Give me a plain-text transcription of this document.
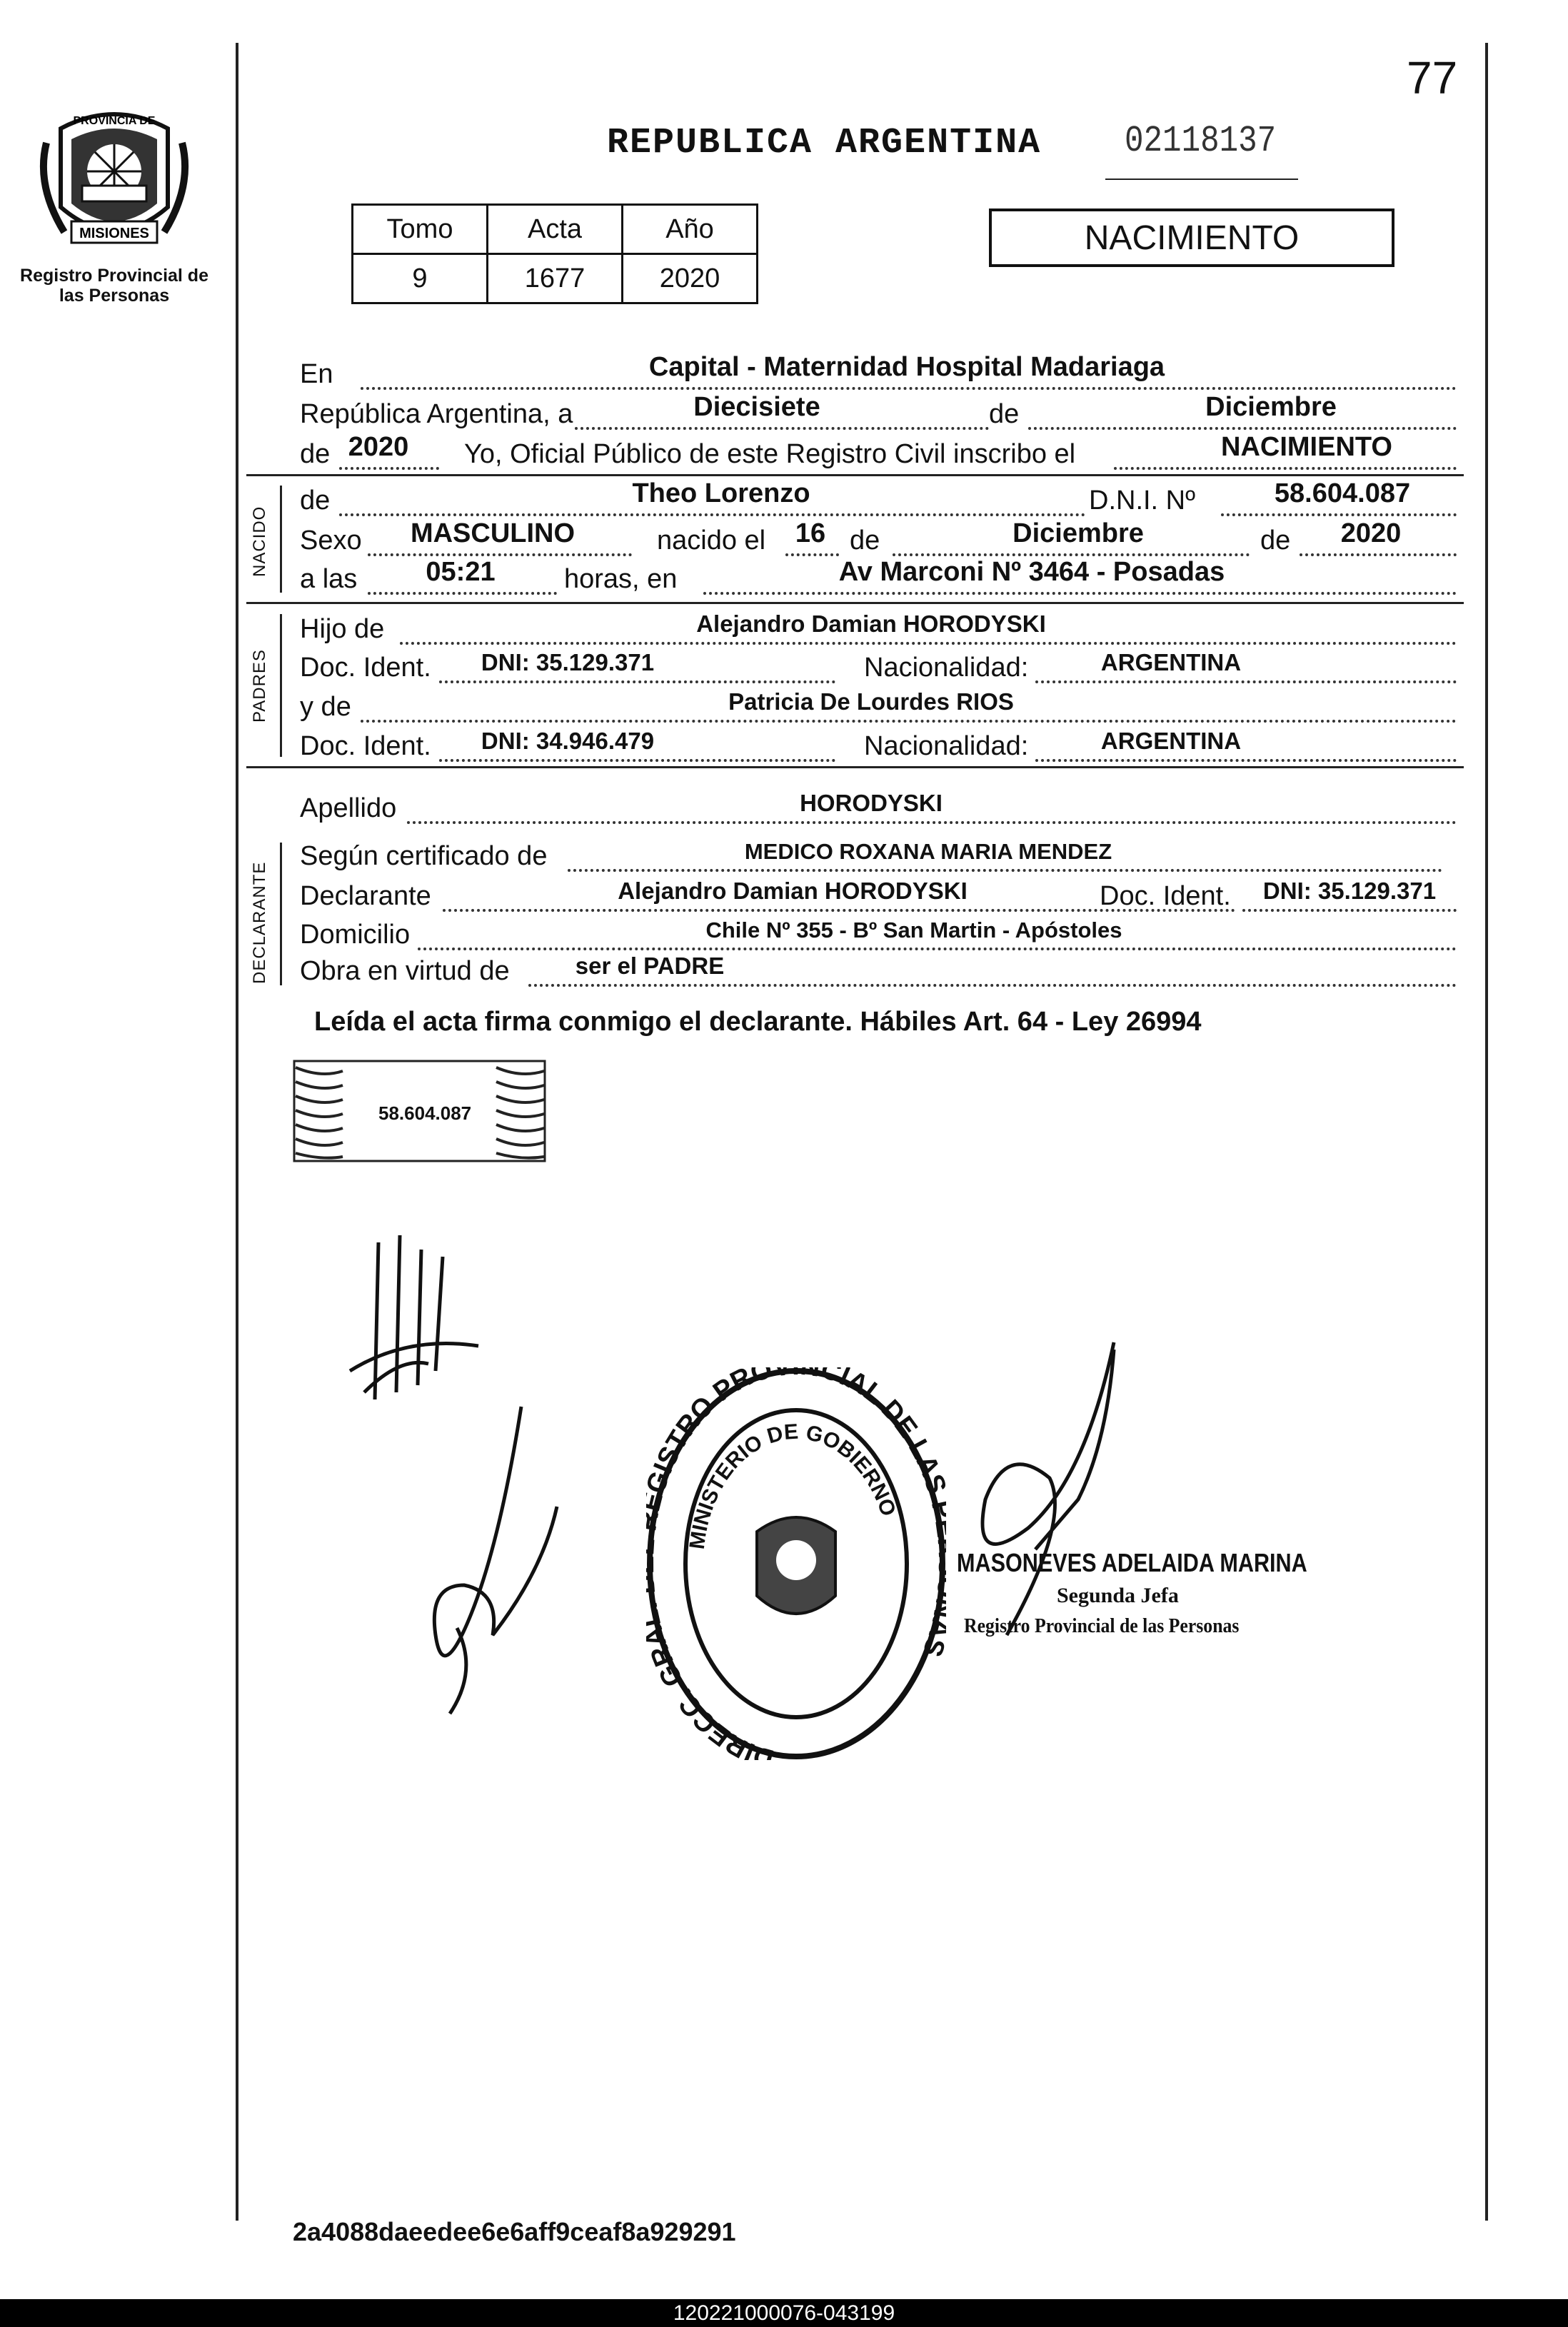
77
PROVINCIA DE
MISIONES
Registro Provincial de las Personas
REPUBLICA ARGENTINA 02118137
Tomo	Acta	Año
9	1677	2020
NACIMIENTO
En	Capital - Maternidad Hospital Madariaga
República Argentina, a	Diecisiete	de	Diciembre
de 2020	Yo, Oficial Público de este Registro Civil inscribo el	NACIMIENTO
NACIDO
de	Theo Lorenzo	D.N.I. Nº	58.604.087
Sexo	MASCULINO	nacido el	16 de	Diciembre	de	2020
a las	05:21	horas, en	Av Marconi Nº 3464 - Posadas
PADRES
Hijo de	Alejandro Damian HORODYSKI
Doc. Ident.	DNI: 35.129.371	Nacionalidad:	ARGENTINA
y de	Patricia De Lourdes RIOS
Doc. Ident.	DNI: 34.946.479	Nacionalidad:	ARGENTINA
Apellido	HORODYSKI
DECLARANTE
Según certificado de	MEDICO ROXANA MARIA MENDEZ
Declarante	Alejandro Damian HORODYSKI	Doc. Ident.	DNI: 35.129.371
Domicilio	Chile Nº 355 - Bº San Martin - Apóstoles
Obra en virtud de	ser el PADRE
Leída el acta firma conmigo el declarante. Hábiles Art. 64 - Ley 26994
58.604.087
DIRECC. GR ISTRO PRO CIAL DE LA
MINISTERIO DE GOBIERNO
MASONEVES ADELAIDA MARINA
Segunda Jefa
Registro Provincial de las Personas
2a4088daeedee6e6aff9ceaf8a929291
120221000076-043199
